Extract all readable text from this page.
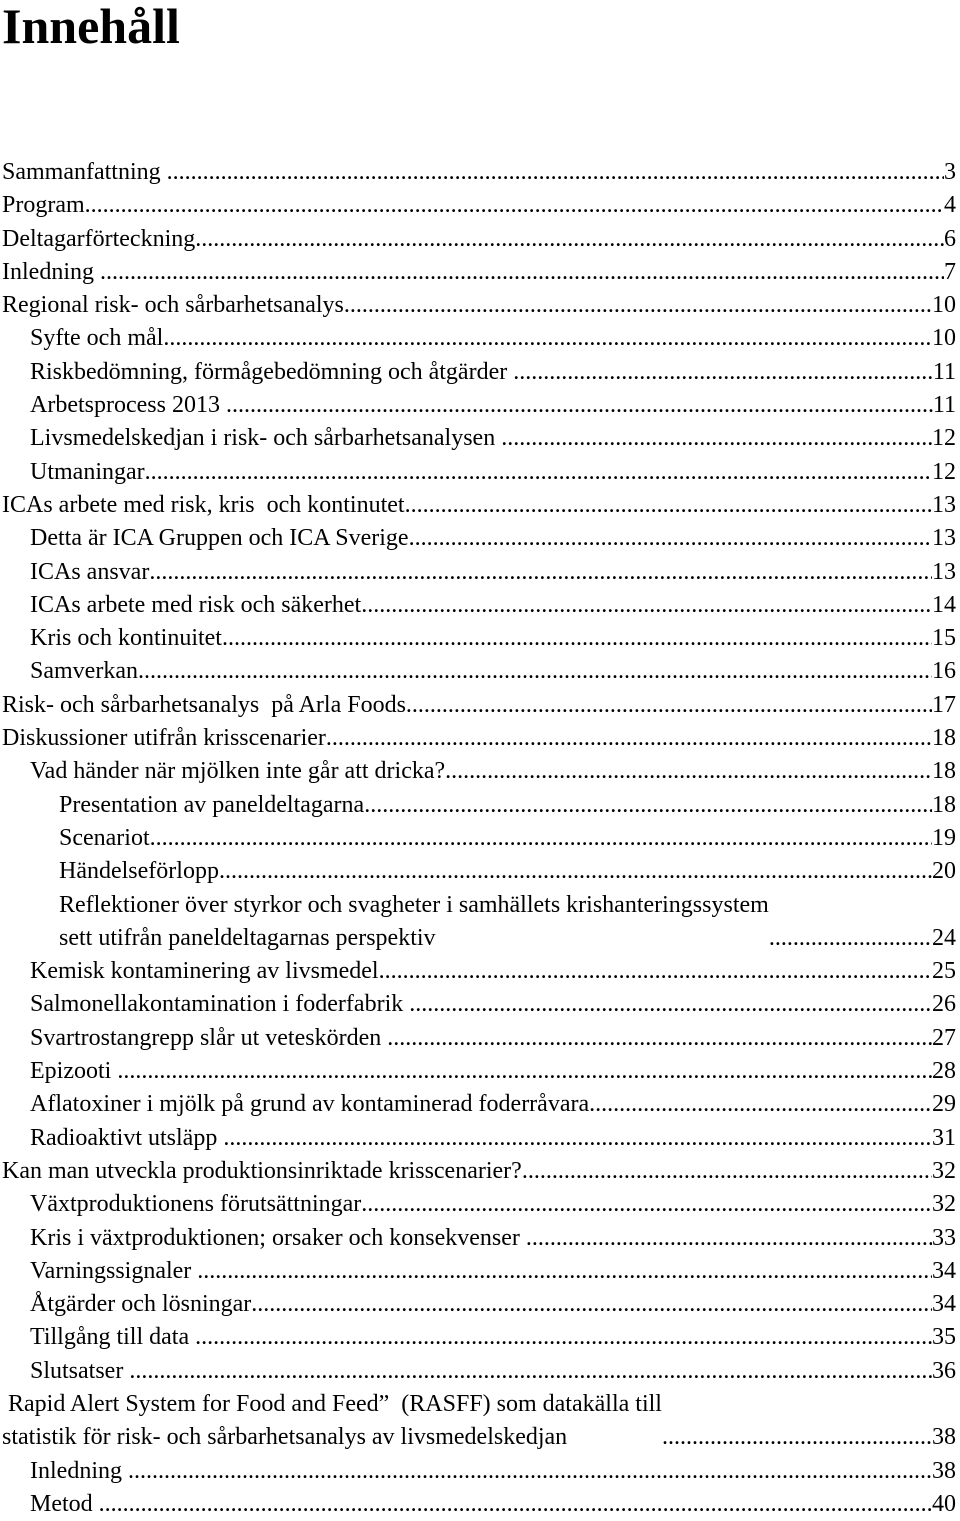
Innehåll
Sammanfattning .....	3
Program .....	4
Deltagarförteckning .....	6
Inledning .....	7
Regional risk- och sårbarhetsanalys .....	10
Syfte och mål .....	10
Riskbedömning, förmågebedömning och åtgärder .....	11
Arbetsprocess 2013 .....	11
Livsmedelskedjan i risk- och sårbarhetsanalysen .....	12
Utmaningar .....	12
ICAs arbete med risk, kris  och kontinutet .....	13
Detta är ICA Gruppen och ICA Sverige .....	13
ICAs ansvar .....	13
ICAs arbete med risk och säkerhet .....	14
Kris och kontinuitet .....	15
Samverkan .....	16
Risk- och sårbarhetsanalys  på Arla Foods .....	17
Diskussioner utifrån krisscenarier .....	18
Vad händer när mjölken inte går att dricka? .....	18
Presentation av paneldeltagarna .....	18
Scenariot .....	19
Händelseförlopp .....	20
Reflektioner över styrkor och svagheter i samhällets krishanteringssystem
sett utifrån paneldeltagarnas perspektiv .....	24
Kemisk kontaminering av livsmedel .....	25
Salmonellakontamination i foderfabrik .....	26
Svartrostangrepp slår ut veteskörden .....	27
Epizooti .....	28
Aflatoxiner i mjölk på grund av kontaminerad foderråvara .....	29
Radioaktivt utsläpp .....	31
Kan man utveckla produktionsinriktade krisscenarier? .....	32
Växtproduktionens förutsättningar .....	32
Kris i växtproduktionen; orsaker och konsekvenser .....	33
Varningssignaler .....	34
Åtgärder och lösningar .....	34
Tillgång till data .....	35
Slutsatser .....	36
Rapid Alert System for Food and Feed”  (RASFF) som datakälla till
statistik för risk- och sårbarhetsanalys av livsmedelskedjan .....	38
Inledning .....	38
Metod .....	40
